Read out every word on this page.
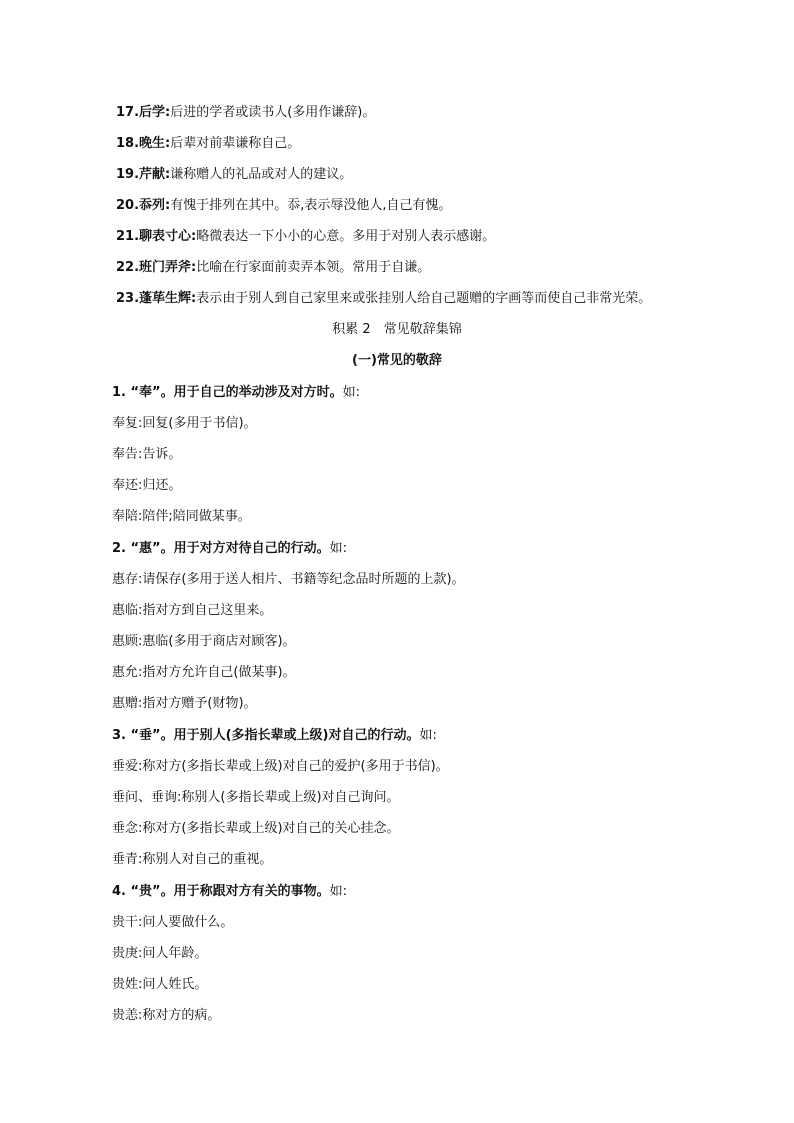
17.后学:后进的学者或读书人(多用作谦辞)。
18.晚生:后辈对前辈谦称自己。
19.芹献:谦称赠人的礼品或对人的建议。
20.忝列:有愧于排列在其中。忝,表示辱没他人,自己有愧。
21.聊表寸心:略微表达一下小小的心意。多用于对别人表示感谢。
22.班门弄斧:比喻在行家面前卖弄本领。常用于自谦。
23.蓬荜生辉:表示由于别人到自己家里来或张挂别人给自己题赠的字画等而使自己非常光荣。
积累 2　常见敬辞集锦
(一)常见的敬辞
1. “奉”。用于自己的举动涉及对方时。如:
奉复:回复(多用于书信)。
奉告:告诉。
奉还:归还。
奉陪:陪伴;陪同做某事。
2. “惠”。用于对方对待自己的行动。如:
惠存:请保存(多用于送人相片、书籍等纪念品时所题的上款)。
惠临:指对方到自己这里来。
惠顾:惠临(多用于商店对顾客)。
惠允:指对方允许自己(做某事)。
惠赠:指对方赠予(财物)。
3. “垂”。用于别人(多指长辈或上级)对自己的行动。如:
垂爱:称对方(多指长辈或上级)对自己的爱护(多用于书信)。
垂问、垂询:称别人(多指长辈或上级)对自己询问。
垂念:称对方(多指长辈或上级)对自己的关心挂念。
垂青:称别人对自己的重视。
4. “贵”。用于称跟对方有关的事物。如:
贵干:问人要做什么。
贵庚:问人年龄。
贵姓:问人姓氏。
贵恙:称对方的病。
